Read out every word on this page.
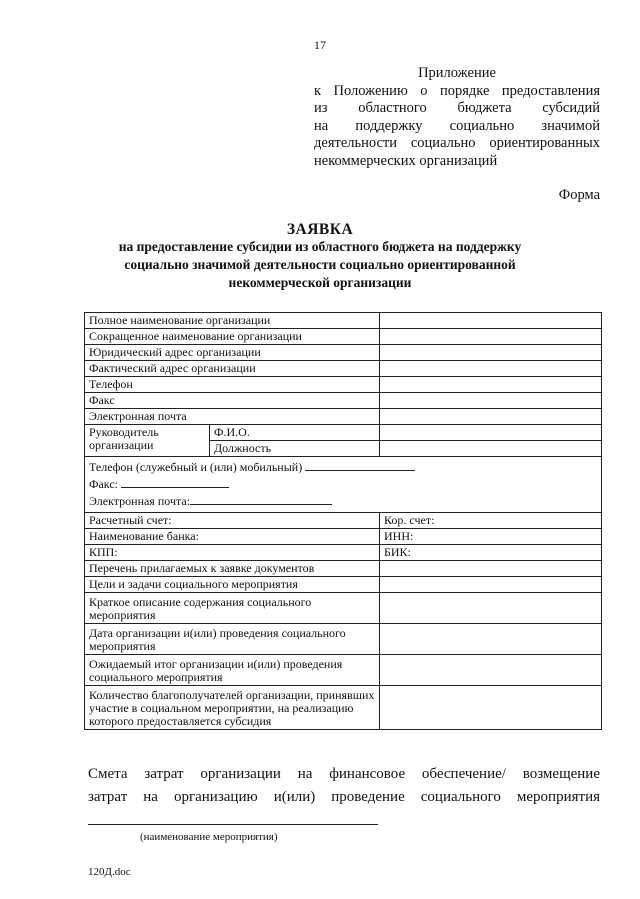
17
Приложение
к Положению о порядке предоставления
из областного бюджета субсидий
на поддержку социально значимой
деятельности социально ориентированных
некоммерческих организаций
Форма
ЗАЯВКА
на предоставление субсидии из областного бюджета на поддержку
социально значимой деятельности социально ориентированной
некоммерческой организации
Полное наименование организации		
Сокращенное наименование организации		
Юридический адрес организации		
Фактический адрес организации		
Телефон		
Факс		
Электронная почта		
Руководитель организации	Ф.И.О.	
	Должность	

Телефон (служебный и (или) мобильный)
Факс:
Электронная почта:		

Расчетный счет:		Кор. счет:
Наименование банка:		ИНН:
КПП:		БИК:
Перечень прилагаемых к заявке документов		
Цели и задачи социального мероприятия		
Краткое описание содержания социального мероприятия		
Дата организации и(или) проведения социального мероприятия		
Ожидаемый итог организации и(или) проведения социального мероприятия		
Количество благополучателей организации, принявших участие в социальном мероприятии, на реализацию которого предоставляется субсидия		
Смета затрат организации на финансовое обеспечение/ возмещение
затрат на организацию и(или) проведение социального мероприятия
(наименование мероприятия)
120Д.doc
